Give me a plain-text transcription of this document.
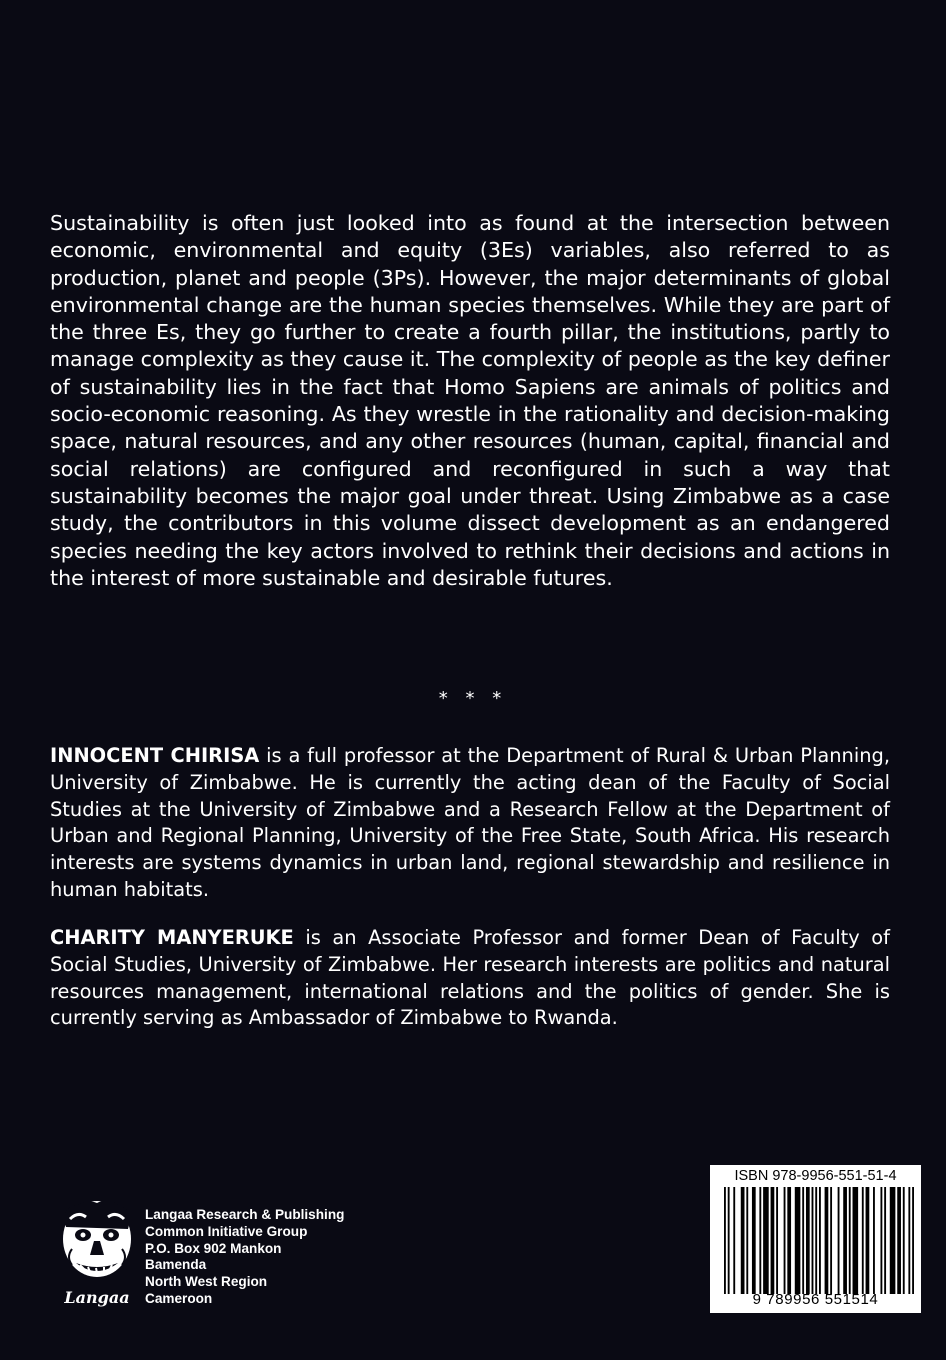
Sustainability is often just looked into as found at the intersection between economic, environmental and equity (3Es) variables, also referred to as production, planet and people (3Ps). However, the major determinants of global environmental change are the human species themselves. While they are part of the three Es, they go further to create a fourth pillar, the institutions, partly to manage complexity as they cause it. The complexity of people as the key definer of sustainability lies in the fact that Homo Sapiens are animals of politics and socio-economic reasoning. As they wrestle in the rationality and decision-making space, natural resources, and any other resources (human, capital, financial and social relations) are configured and reconfigured in such a way that sustainability becomes the major goal under threat. Using Zimbabwe as a case study, the contributors in this volume dissect development as an endangered species needing the key actors involved to rethink their decisions and actions in the interest of more sustainable and desirable futures.

* * *

INNOCENT CHIRISA is a full professor at the Department of Rural & Urban Planning, University of Zimbabwe. He is currently the acting dean of the Faculty of Social Studies at the University of Zimbabwe and a Research Fellow at the Department of Urban and Regional Planning, University of the Free State, South Africa. His research interests are systems dynamics in urban land, regional stewardship and resilience in human habitats.

CHARITY MANYERUKE is an Associate Professor and former Dean of Faculty of Social Studies, University of Zimbabwe. Her research interests are politics and natural resources management, international relations and the politics of gender. She is currently serving as Ambassador of Zimbabwe to Rwanda.

Langaa
Langaa Research & Publishing
Common Initiative Group
P.O. Box 902 Mankon
Bamenda
North West Region
Cameroon
ISBN 978-9956-551-51-4
9 789956 551514
